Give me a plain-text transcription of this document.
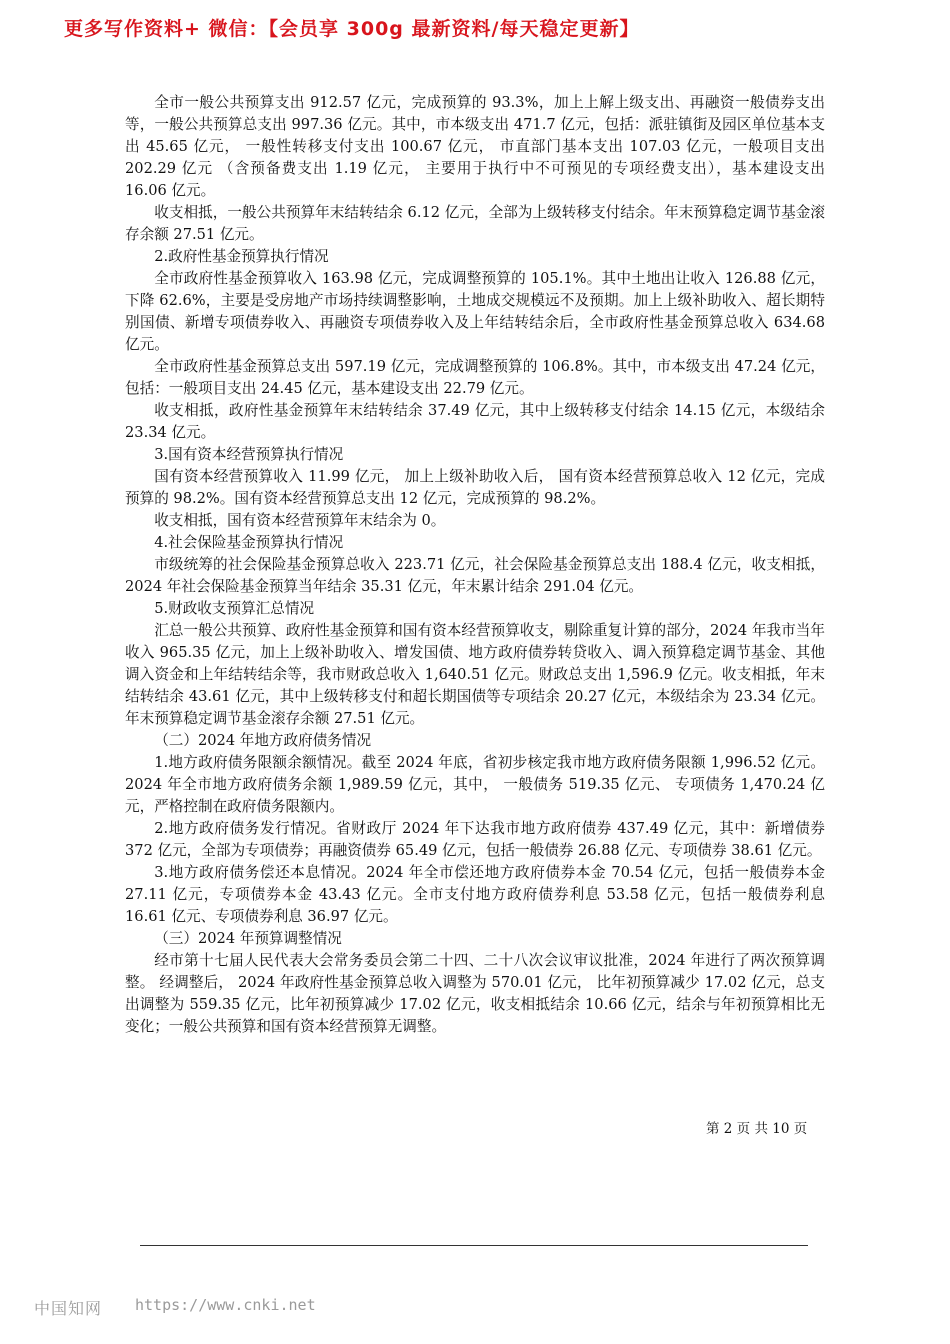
更多写作资料+ 微信：【会员享 300g 最新资料/每天稳定更新】

全市一般公共预算支出 912.57 亿元，完成预算的 93.3%，加上上解上级支出、再融资一般债券支出等，一般公共预算总支出 997.36 亿元。其中，市本级支出 471.7 亿元，包括：派驻镇街及园区单位基本支出 45.65 亿元， 一般性转移支付支出 100.67 亿元， 市直部门基本支出 107.03 亿元，一般项目支出 202.29 亿元 （含预备费支出 1.19 亿元， 主要用于执行中不可预见的专项经费支出），基本建设支出 16.06 亿元。

收支相抵，一般公共预算年末结转结余 6.12 亿元，全部为上级转移支付结余。年末预算稳定调节基金滚存余额 27.51 亿元。

2.政府性基金预算执行情况

全市政府性基金预算收入 163.98 亿元，完成调整预算的 105.1%。其中土地出让收入 126.88 亿元，下降 62.6%，主要是受房地产市场持续调整影响，土地成交规模远不及预期。加上上级补助收入、超长期特别国债、新增专项债券收入、再融资专项债券收入及上年结转结余后，全市政府性基金预算总收入 634.68 亿元。

全市政府性基金预算总支出 597.19 亿元，完成调整预算的 106.8%。其中，市本级支出 47.24 亿元，包括：一般项目支出 24.45 亿元，基本建设支出 22.79 亿元。

收支相抵，政府性基金预算年末结转结余 37.49 亿元，其中上级转移支付结余 14.15 亿元，本级结余 23.34 亿元。

3.国有资本经营预算执行情况

国有资本经营预算收入 11.99 亿元， 加上上级补助收入后， 国有资本经营预算总收入 12 亿元，完成预算的 98.2%。国有资本经营预算总支出 12 亿元，完成预算的 98.2%。

收支相抵，国有资本经营预算年末结余为 0。

4.社会保险基金预算执行情况

市级统筹的社会保险基金预算总收入 223.71 亿元，社会保险基金预算总支出 188.4 亿元，收支相抵，2024 年社会保险基金预算当年结余 35.31 亿元，年末累计结余 291.04 亿元。

5.财政收支预算汇总情况

汇总一般公共预算、政府性基金预算和国有资本经营预算收支，剔除重复计算的部分，2024 年我市当年收入 965.35 亿元，加上上级补助收入、增发国债、地方政府债券转贷收入、调入预算稳定调节基金、其他调入资金和上年结转结余等，我市财政总收入 1,640.51 亿元。财政总支出 1,596.9 亿元。收支相抵，年末结转结余 43.61 亿元，其中上级转移支付和超长期国债等专项结余 20.27 亿元，本级结余为 23.34 亿元。年末预算稳定调节基金滚存余额 27.51 亿元。

（二）2024 年地方政府债务情况

1.地方政府债务限额余额情况。截至 2024 年底，省初步核定我市地方政府债务限额 1,996.52 亿元。 2024 年全市地方政府债务余额 1,989.59 亿元，其中， 一般债务 519.35 亿元、 专项债务 1,470.24 亿元，严格控制在政府债务限额内。

2.地方政府债务发行情况。省财政厅 2024 年下达我市地方政府债券 437.49 亿元，其中：新增债券 372 亿元，全部为专项债券；再融资债券 65.49 亿元，包括一般债券 26.88 亿元、专项债券 38.61 亿元。

3.地方政府债务偿还本息情况。2024 年全市偿还地方政府债券本金 70.54 亿元，包括一般债券本金 27.11 亿元，专项债券本金 43.43 亿元。全市支付地方政府债券利息 53.58 亿元，包括一般债券利息 16.61 亿元、专项债券利息 36.97 亿元。

（三）2024 年预算调整情况

经市第十七届人民代表大会常务委员会第二十四、二十八次会议审议批准，2024 年进行了两次预算调整。 经调整后， 2024 年政府性基金预算总收入调整为 570.01 亿元， 比年初预算减少 17.02 亿元，总支出调整为 559.35 亿元，比年初预算减少 17.02 亿元，收支相抵结余 10.66 亿元，结余与年初预算相比无变化；一般公共预算和国有资本经营预算无调整。

第 2 页 共 10 页
中国知网 https://www.cnki.net
